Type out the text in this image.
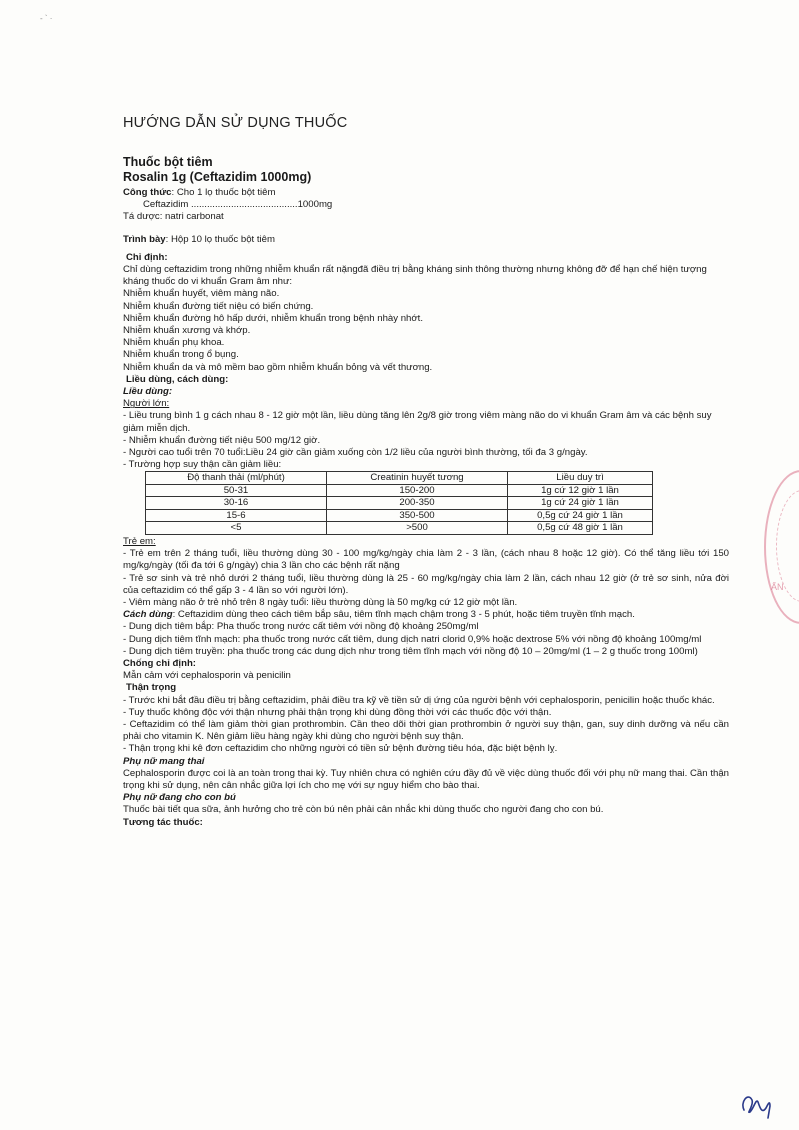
- ` ·
HƯỚNG DẪN SỬ DỤNG THUỐC

Thuốc bột tiêm

Rosalin 1g (Ceftazidim 1000mg)

Công thức: Cho 1 lọ thuốc bột tiêm

Ceftazidim ........................................1000mg

Tá dược: natri carbonat

Trình bày: Hộp 10 lọ thuốc bột tiêm

Chỉ định:

Chỉ dùng ceftazidim trong những nhiễm khuẩn rất nặngđã điều trị bằng kháng sinh thông thường nhưng không đỡ để hạn chế hiện tượng kháng thuốc do vi khuẩn Gram âm như:

Nhiễm khuẩn huyết, viêm màng não.

Nhiễm khuẩn đường tiết niệu có biến chứng.

Nhiễm khuẩn đường hô hấp dưới, nhiễm khuẩn trong bệnh nhày nhớt.

Nhiễm khuẩn xương và khớp.

Nhiễm khuẩn phụ khoa.

Nhiễm khuẩn trong ổ bụng.

Nhiễm khuẩn da và mô mềm bao gồm nhiễm khuẩn bỏng và vết thương.

Liều dùng, cách dùng:

Liều dùng:

Người lớn:

- Liều trung bình 1 g cách nhau 8 - 12 giờ một lần, liều dùng tăng lên 2g/8 giờ trong viêm màng não do vi khuẩn Gram âm và các bệnh suy giảm miễn dịch.

- Nhiễm khuẩn đường tiết niệu 500 mg/12 giờ.

- Người cao tuổi trên 70 tuổi:Liều 24 giờ cần giảm xuống còn 1/2 liều của người bình thường, tối đa 3 g/ngày.

- Trường hợp suy thận cần giảm liều:

Độ thanh thải (ml/phút)	Creatinin huyết tương	Liều duy trì
50-31	150-200	1g cứ 12 giờ 1 lần
30-16	200-350	1g cứ 24 giờ 1 lần
15-6	350-500	0,5g cứ 24 giờ 1 lần
<5	>500	0,5g cứ 48 giờ 1 lần

Trẻ em:

- Trẻ em trên 2 tháng tuổi, liều thường dùng 30 - 100 mg/kg/ngày chia làm 2 - 3 lần, (cách nhau 8 hoặc 12 giờ). Có thể tăng liều tới 150 mg/kg/ngày (tối đa tới 6 g/ngày) chia 3 lần cho các bệnh rất nặng

- Trẻ sơ sinh và trẻ nhỏ dưới 2 tháng tuổi, liều thường dùng là 25 - 60 mg/kg/ngày chia làm 2 lần, cách nhau 12 giờ (ở trẻ sơ sinh, nửa đời của ceftazidim có thể gấp 3 - 4 lần so với người lớn).

- Viêm màng não ở trẻ nhỏ trên 8 ngày tuổi: liều thường dùng là 50 mg/kg cứ 12 giờ một lần.

Cách dùng: Ceftazidim dùng theo cách tiêm bắp sâu, tiêm tĩnh mạch chậm trong 3 - 5 phút, hoặc tiêm truyền tĩnh mạch.

- Dung dịch tiêm bắp: Pha thuốc trong nước cất tiêm với nồng độ khoảng 250mg/ml

- Dung dịch tiêm tĩnh mạch: pha thuốc trong nước cất tiêm, dung dịch natri clorid 0,9% hoặc dextrose 5% với nồng độ khoảng 100mg/ml

- Dung dịch tiêm truyền: pha thuốc trong các dung dịch như trong tiêm tĩnh mạch với nồng độ 10 – 20mg/ml (1 – 2 g thuốc trong 100ml)

Chống chỉ định:

Mẫn cảm với cephalosporin và penicilin

Thận trọng

- Trước khi bắt đầu điều trị bằng ceftazidim, phải điều tra kỹ về tiền sử dị ứng của người bệnh với cephalosporin, penicilin hoặc thuốc khác.

- Tuy thuốc không độc với thận nhưng phải thận trọng khi dùng đồng thời với các thuốc độc với thận.

- Ceftazidim có thể làm giảm thời gian prothrombin. Cần theo dõi thời gian prothrombin ở người suy thận, gan, suy dinh dưỡng và nếu cần phải cho vitamin K. Nên giảm liều hàng ngày khi dùng cho người bệnh suy thận.

- Thận trọng khi kê đơn ceftazidim cho những người có tiền sử bệnh đường tiêu hóa, đặc biệt bệnh lỵ.

Phụ nữ mang thai

Cephalosporin được coi là an toàn trong thai kỳ. Tuy nhiên chưa có nghiên cứu đầy đủ về việc dùng thuốc đối với phụ nữ mang thai. Cần thận trọng khi sử dụng, nên cân nhắc giữa lợi ích cho mẹ với sự nguy hiểm cho bào thai.

Phụ nữ đang cho con bú

Thuốc bài tiết qua sữa, ảnh hưởng cho trẻ còn bú nên phải cân nhắc khi dùng thuốc cho người đang cho con bú.

Tương tác thuốc:

ẤN
